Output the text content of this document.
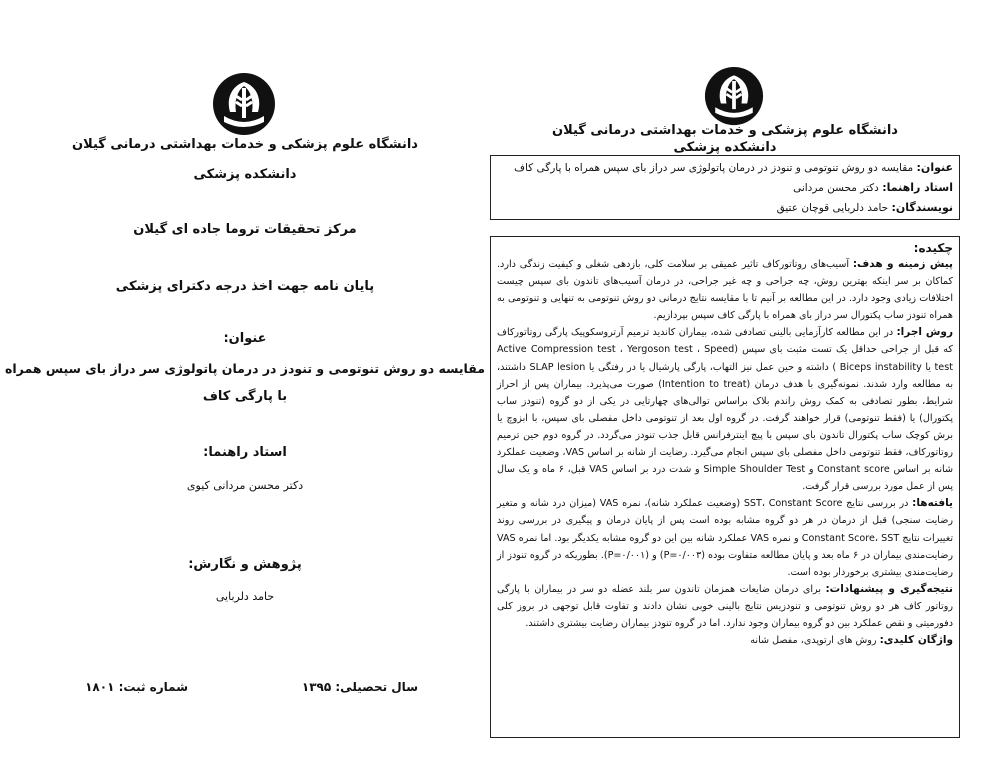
دانشگاه علوم پزشکی و خدمات بهداشتی درمانی گیلان
دانشکده پزشکی
مرکز تحقیقات تروما جاده ای گیلان
پایان نامه جهت اخذ درجه دکترای پزشکی
عنوان:
مقایسه دو روش تنوتومی و تنودز در درمان پاتولوژی سر دراز بای سپس همراه
با پارگی کاف
استاد راهنما:
دکتر محسن مردانی کیوی
پژوهش و نگارش:
حامد دلربایی
شماره ثبت: ۱۸۰۱	سال تحصیلی: ۱۳۹۵
دانشگاه علوم پزشکی و خدمات بهداشتی درمانی گیلان
دانشکده پزشکی
عنوان: مقایسه دو روش تنوتومی و تنودز در درمان پاتولوژی سر دراز بای سپس همراه با پارگی کاف
استاد راهنما: دکتر محسن مردانی
نویسندگان: حامد دلربایی قوچان عتیق
چکیده:

پیش زمینه و هدف: آسیب‌های روتاتورکاف تاثیر عمیقی بر سلامت کلی، بازدهی شغلی و کیفیت زندگی دارد. کماکان بر سر اینکه بهترین روش، چه جراحی و چه غیر جراحی، در درمان آسیب‌های تاندون بای سپس چیست اختلافات زیادی وجود دارد. در این مطالعه بر آنیم تا با مقایسه نتایج درمانی دو روش تنوتومی به تنهایی و تنوتومی به همراه تنودز ساب پکتورال سر دراز بای همراه با پارگی کاف سپس بپردازیم.

روش اجرا: در این مطالعه کارآزمایی بالینی تصادفی شده، بیماران کاندید ترمیم آرتروسکوپیک پارگی روتاتورکاف که قبل از جراحی حداقل یک تست مثبت بای سپس (Active Compression test ، Yergoson test ، Speed test یا Biceps instability ) داشته و حین عمل نیز التهاب، پارگی پارشیال یا در رفتگی یا SLAP lesion داشتند، به مطالعه وارد شدند. نمونه‌گیری با هدف درمان (Intention to treat) صورت می‌پذیرد. بیماران پس از احراز شرایط، بطور تصادفی به کمک روش راندم بلاک براساس توالی‌های چهارتایی در یکی از دو گروه (تنودز ساب پکتورال) یا (فقط تنوتومی) قرار خواهند گرفت. در گروه اول بعد از تنوتومی داخل مفصلی بای سپس، با ابزوچ یا برش کوچک ساب پکتورال تاندون بای سپس با پیچ اینترفرانس قابل جذب تنودز می‌گردد. در گروه دوم حین ترمیم روتاتورکاف، فقط تنوتومی داخل مفصلی بای سپس انجام می‌گیرد. رضایت از شانه بر اساس VAS، وضعیت عملکرد شانه بر اساس Constant score و Simple Shoulder Test و شدت درد بر اساس VAS قبل، ۶ ماه و یک سال پس از عمل مورد بررسی قرار گرفت.

یافته‌ها: در بررسی نتایج SST، Constant Score (وضعیت عملکرد شانه)، نمره VAS (میزان درد شانه و متغیر رضایت سنجی) قبل از درمان در هر دو گروه مشابه بوده است پس از پایان درمان و پیگیری در بررسی روند تغییرات نتایج Constant Score، SST و نمره VAS عملکرد شانه بین این دو گروه مشابه یکدیگر بود. اما نمره VAS رضایت‌مندی بیماران در ۶ ماه بعد و پایان مطالعه متفاوت بوده (P=۰/۰۰۳) و (P=۰/۰۰۱). بطوریکه در گروه تنودز از رضایت‌مندی بیشتری برخوردار بوده است.

نتیجه‌گیری و پیشنهادات: برای درمان ضایعات همزمان تاندون سر بلند عضله دو سر در بیماران با پارگی روتاتور کاف هر دو روش تنوتومی و تنودزیس نتایج بالینی خوبی نشان دادند و تفاوت قابل توجهی در بروز کلی دفورمیتی و نقص عملکرد بین دو گروه بیماران وجود ندارد. اما در گروه تنودز بیماران رضایت بیشتری داشتند.

واژگان کلیدی: روش های ارتوپدی، مفصل شانه
